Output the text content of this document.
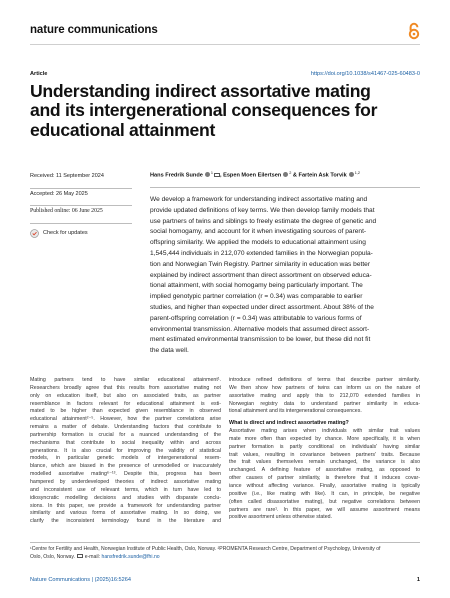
nature communications
Article	https://doi.org/10.1038/s41467-025-60483-0
Understanding indirect assortative mating
and its intergenerational consequences for
educational attainment
Received: 11 September 2024
Accepted: 26 May 2025
Published online: 06 June 2025
Check for updates
Hans Fredrik Sunde $^1$ , Espen Moen Eilertsen $^2$ & Fartein Ask Torvik $^{1,2}$
We develop a framework for understanding indirect assortative mating and
provide updated definitions of key terms. We then develop family models that
use partners of twins and siblings to freely estimate the degree of genetic and
social homogamy, and account for it when investigating sources of parent-
offspring similarity. We applied the models to educational attainment using
1,545,444 individuals in 212,070 extended families in the Norwegian popula-
tion and Norwegian Twin Registry. Partner similarity in education was better
explained by indirect assortment than direct assortment on observed educa-
tional attainment, with social homogamy being particularly important. The
implied genotypic partner correlation (r = 0.34) was comparable to earlier
studies, and higher than expected under direct assortment. About 38% of the
parent-offspring correlation (r = 0.34) was attributable to various forms of
environmental transmission. Alternative models that assumed direct assort-
ment estimated environmental transmission to be lower, but these did not fit
the data well.
Mating partners tend to have similar educational attainment¹.
Researchers broadly agree that this results from assortative mating not
only on education itself, but also on associated traits, as partner
resemblance in factors relevant for educational attainment is esti-
mated to be higher than expected given resemblance in observed
educational attainment²⁻⁵. However, how the partner correlations arise
remains a matter of debate. Understanding factors that contribute to
partnership formation is crucial for a nuanced understanding of the
mechanisms that contribute to social inequality within and across
generations. It is also crucial for improving the validity of statistical
models, in particular genetic models of intergenerational resem-
blance, which are biased in the presence of unmodelled or inaccurately
modelled assortative mating⁶⁻¹³. Despite this, progress has been
hampered by underdeveloped theories of indirect assortative mating
and inconsistent use of relevant terms, which in turn have led to
idiosyncratic modelling decisions and studies with disparate conclu-
sions. In this paper, we provide a framework for understanding partner
similarity and various forms of assortative mating. In so doing, we
clarify the inconsistent terminology found in the literature and
introduce refined definitions of terms that describe partner similarity.
We then show how partners of twins can inform us on the nature of
assortative mating and apply this to 212,070 extended families in
Norwegian registry data to understand partner similarity in educa-
tional attainment and its intergenerational consequences.
What is direct and indirect assortative mating?
Assortative mating arises when individuals with similar trait values
mate more often than expected by chance. More specifically, it is when
partner formation is partly conditional on individuals' having similar
trait values, resulting in covariance between partners' traits. Because
the trait values themselves remain unchanged, the variance is also
unchanged. A defining feature of assortative mating, as opposed to
other causes of partner similarity, is therefore that it induces covar-
iance without affecting variance. Finally, assortative mating is typically
positive (i.e., like mating with like). It can, in principle, be negative
(often called disassortative mating), but negative correlations between
partners are rare¹. In this paper, we will assume assortment means
positive assortment unless otherwise stated.
¹Centre for Fertility and Health, Norwegian Institute of Public Health, Oslo, Norway. ²PROMENTA Research Centre, Department of Psychology, University of
Oslo, Oslo, Norway. e-mail: hansfredrik.sunde@fhi.no
Nature Communications | (2025)16:5264	1
